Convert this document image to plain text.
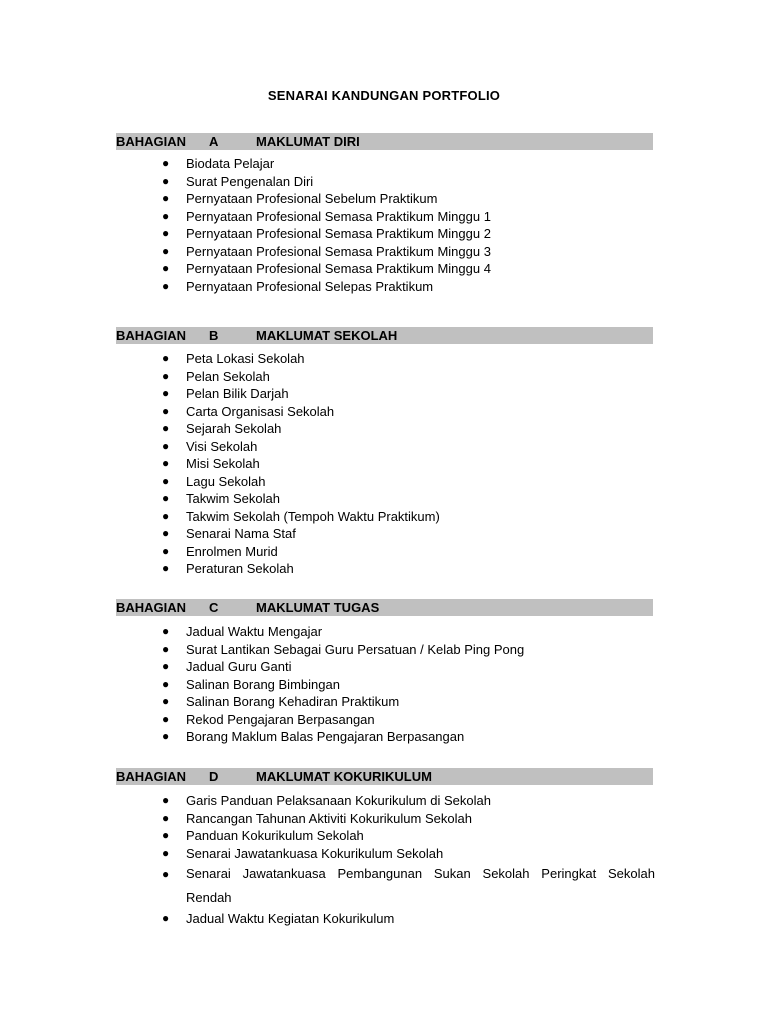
SENARAI KANDUNGAN PORTFOLIO
BAHAGIAN A	MAKLUMAT DIRI
● Biodata Pelajar
● Surat Pengenalan Diri
● Pernyataan Profesional Sebelum Praktikum
● Pernyataan Profesional Semasa Praktikum Minggu 1
● Pernyataan Profesional Semasa Praktikum Minggu 2
● Pernyataan Profesional Semasa Praktikum Minggu 3
● Pernyataan Profesional Semasa Praktikum Minggu 4
● Pernyataan Profesional Selepas Praktikum
BAHAGIAN B	MAKLUMAT SEKOLAH
● Peta Lokasi Sekolah
● Pelan Sekolah
● Pelan Bilik Darjah
● Carta Organisasi Sekolah
● Sejarah Sekolah
● Visi Sekolah
● Misi Sekolah
● Lagu Sekolah
● Takwim Sekolah
● Takwim Sekolah (Tempoh Waktu Praktikum)
● Senarai Nama Staf
● Enrolmen Murid
● Peraturan Sekolah
BAHAGIAN C	MAKLUMAT TUGAS
● Jadual Waktu Mengajar
● Surat Lantikan Sebagai Guru Persatuan / Kelab Ping Pong
● Jadual Guru Ganti
● Salinan Borang Bimbingan
● Salinan Borang Kehadiran Praktikum
● Rekod Pengajaran Berpasangan
● Borang Maklum Balas Pengajaran Berpasangan
BAHAGIAN D	MAKLUMAT KOKURIKULUM
● Garis Panduan Pelaksanaan Kokurikulum di Sekolah
● Rancangan Tahunan Aktiviti Kokurikulum Sekolah
● Panduan Kokurikulum Sekolah
● Senarai Jawatankuasa Kokurikulum Sekolah
● Senarai Jawatankuasa Pembangunan Sukan Sekolah Peringkat Sekolah Rendah
● Jadual Waktu Kegiatan Kokurikulum
